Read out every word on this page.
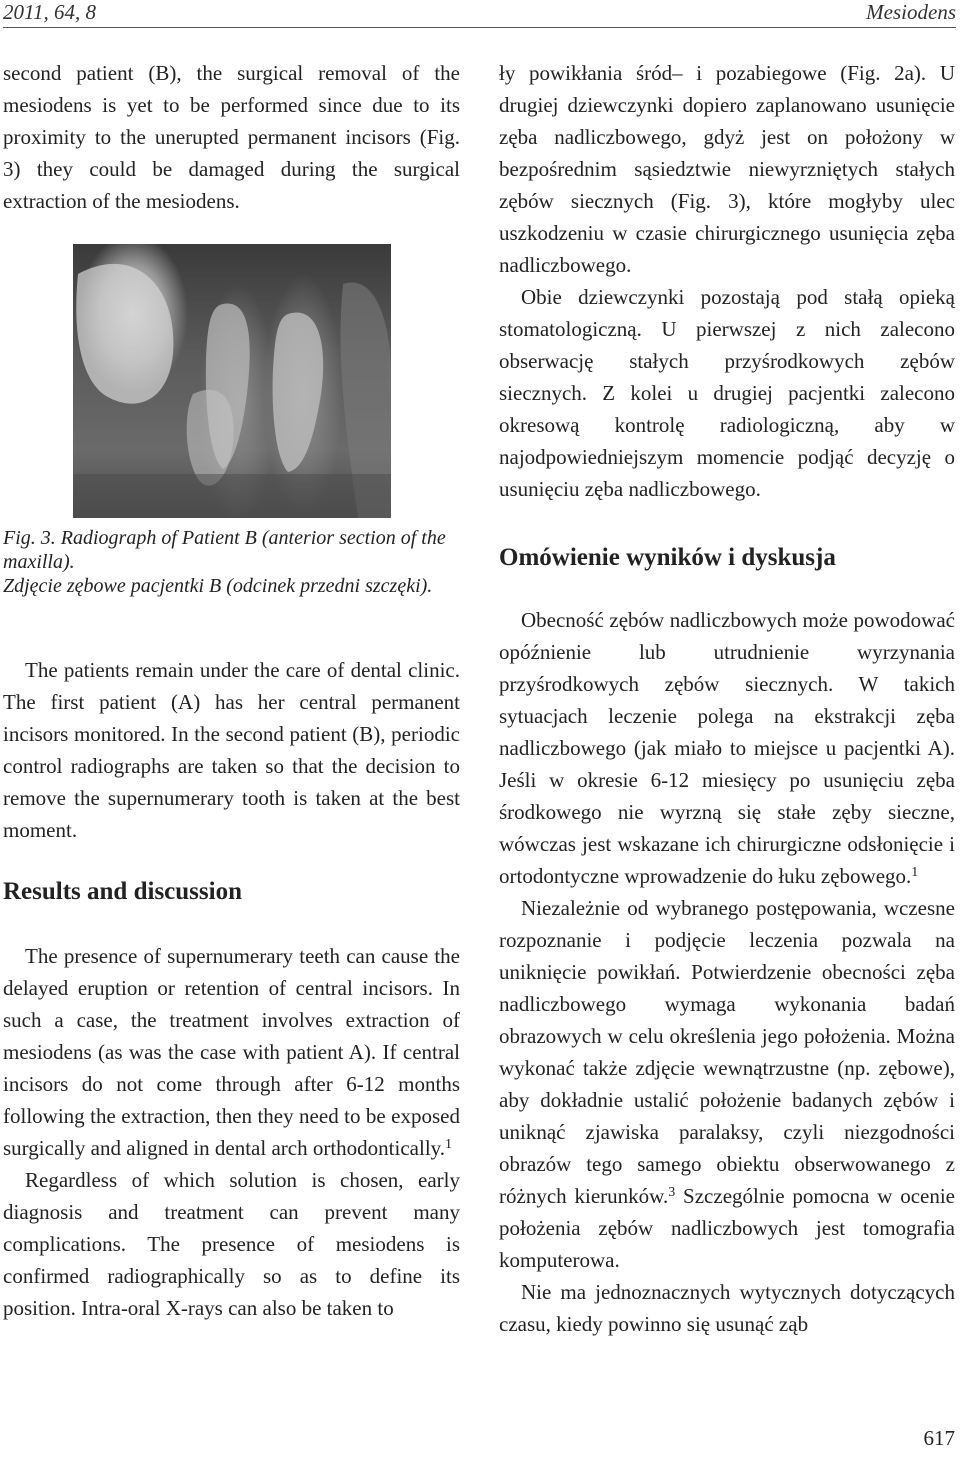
2011, 64, 8	Mesiodens

second patient (B), the surgical removal of the mesiodens is yet to be performed since due to its proximity to the unerupted permanent incisors (Fig. 3) they could be damaged during the surgical extraction of the mesiodens.

Fig. 3. Radiograph of Patient B (anterior section of the maxilla).
Zdjęcie zębowe pacjentki B (odcinek przedni szczęki).

The patients remain under the care of dental clinic. The first patient (A) has her central permanent incisors monitored. In the second patient (B), periodic control radiographs are taken so that the decision to remove the supernumerary tooth is taken at the best moment.

Results and discussion

The presence of supernumerary teeth can cause the delayed eruption or retention of central incisors. In such a case, the treatment involves extraction of mesiodens (as was the case with patient A). If central incisors do not come through after 6-12 months following the extraction, then they need to be exposed surgically and aligned in dental arch orthodontically.$^1$

Regardless of which solution is chosen, early diagnosis and treatment can prevent many complications. The presence of mesiodens is confirmed radiographically so as to define its position. Intra-oral X-rays can also be taken to

ły powikłania śród– i pozabiegowe (Fig. 2a). U drugiej dziewczynki dopiero zaplanowano usunięcie zęba nadliczbowego, gdyż jest on położony w bezpośrednim sąsiedztwie niewyrzniętych stałych zębów siecznych (Fig. 3), które mogłyby ulec uszkodzeniu w czasie chirurgicznego usunięcia zęba nadliczbowego.

Obie dziewczynki pozostają pod stałą opieką stomatologiczną. U pierwszej z nich zalecono obserwację stałych przyśrodkowych zębów siecznych. Z kolei u drugiej pacjentki zalecono okresową kontrolę radiologiczną, aby w najodpowiedniejszym momencie podjąć decyzję o usunięciu zęba nadliczbowego.

Omówienie wyników i dyskusja

Obecność zębów nadliczbowych może powodować opóźnienie lub utrudnienie wyrzynania przyśrodkowych zębów siecznych. W takich sytuacjach leczenie polega na ekstrakcji zęba nadliczbowego (jak miało to miejsce u pacjentki A). Jeśli w okresie 6-12 miesięcy po usunięciu zęba środkowego nie wyrzną się stałe zęby sieczne, wówczas jest wskazane ich chirurgiczne odsłonięcie i ortodontyczne wprowadzenie do łuku zębowego.$^1$

Niezależnie od wybranego postępowania, wczesne rozpoznanie i podjęcie leczenia pozwala na uniknięcie powikłań. Potwierdzenie obecności zęba nadliczbowego wymaga wykonania badań obrazowych w celu określenia jego położenia. Można wykonać także zdjęcie wewnątrzustne (np. zębowe), aby dokładnie ustalić położenie badanych zębów i uniknąć zjawiska paralaksy, czyli niezgodności obrazów tego samego obiektu obserwowanego z różnych kierunków.$^3$ Szczególnie pomocna w ocenie położenia zębów nadliczbowych jest tomografia komputerowa.

Nie ma jednoznacznych wytycznych dotyczących czasu, kiedy powinno się usunąć ząb

617
